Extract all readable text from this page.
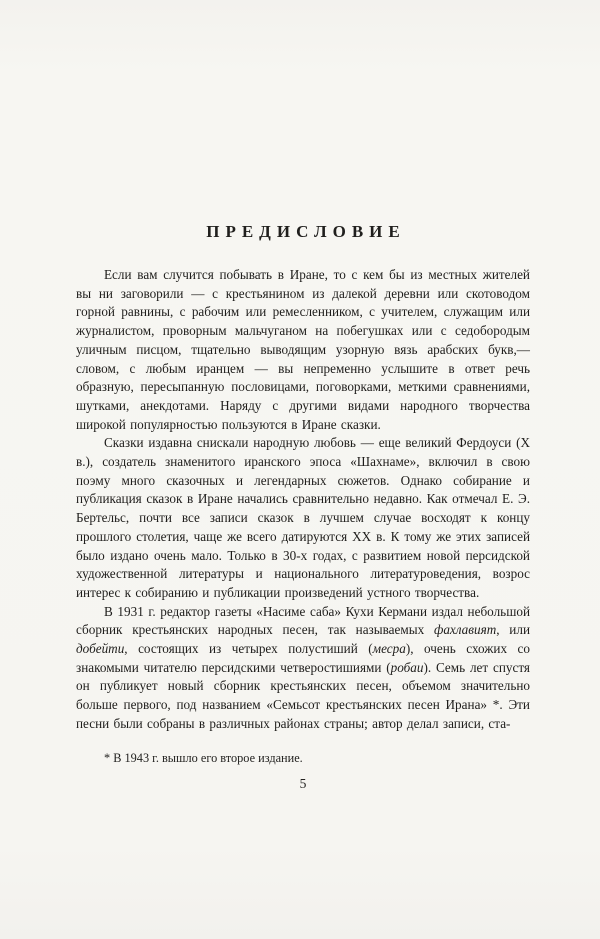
ПРЕДИСЛОВИЕ

Если вам случится побывать в Иране, то с кем бы из местных жителей вы ни заговорили — с крестьянином из далекой деревни или скотоводом горной равнины, с рабочим или ремесленником, с учителем, служащим или журналистом, проворным мальчуганом на побегушках или с седобородым уличным писцом, тщательно выводящим узорную вязь арабских букв,— словом, с любым иранцем — вы непременно услышите в ответ речь образную, пересыпанную пословицами, поговорками, меткими сравнениями, шутками, анекдотами. Наряду с другими видами народного творчества широкой популярностью пользуются в Иране сказки.

Сказки издавна снискали народную любовь — еще великий Фердоуси (X в.), создатель знаменитого иранского эпоса «Шахнаме», включил в свою поэму много сказочных и легендарных сюжетов. Однако собирание и публикация сказок в Иране начались сравнительно недавно. Как отмечал Е. Э. Бертельс, почти все записи сказок в лучшем случае восходят к концу прошлого столетия, чаще же всего датируются XX в. К тому же этих записей было издано очень мало. Только в 30-х годах, с развитием новой персидской художественной литературы и национального литературоведения, возрос интерес к собиранию и публикации произведений устного творчества.

В 1931 г. редактор газеты «Насиме саба» Кухи Кермани издал небольшой сборник крестьянских народных песен, так называемых фахлавият, или добейти, состоящих из четырех полустиший (месра), очень схожих со знакомыми читателю персидскими четверостишиями (робаи). Семь лет спустя он публикует новый сборник крестьянских песен, объемом значительно больше первого, под названием «Семьсот крестьянских песен Ирана» *. Эти песни были собраны в различных районах страны; автор делал записи, ста-

* В 1943 г. вышло его второе издание.

5
